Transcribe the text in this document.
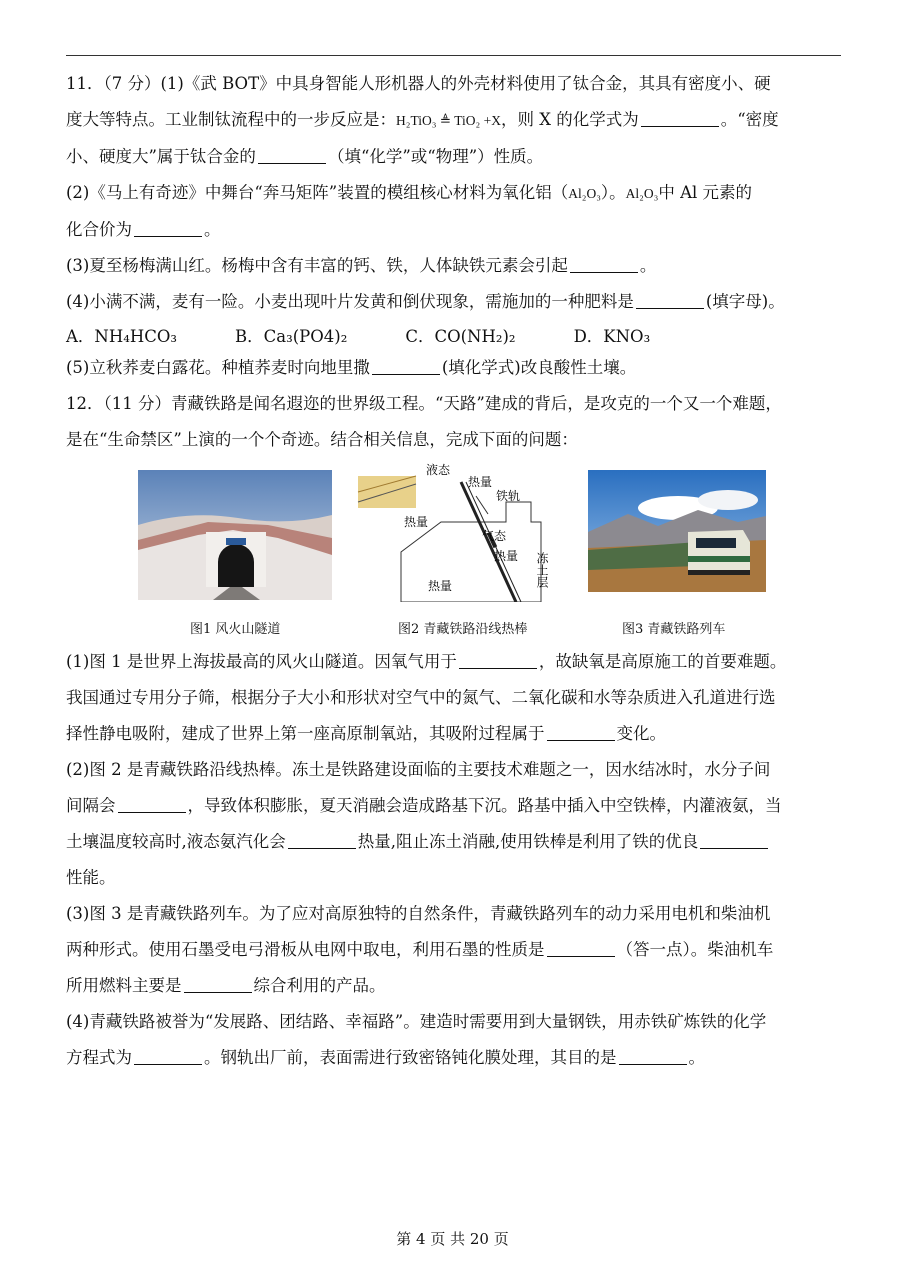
11．（7 分）(1)《武 BOT》中具身智能人形机器人的外壳材料使用了钛合金，其具有密度小、硬

度大等特点。工业制钛流程中的一步反应是：H₂TiO₃ ≜ TiO₂ +X，则 X 的化学式为	。“密度

小、硬度大”属于钛合金的	（填“化学”或“物理”）性质。

(2)《马上有奇迹》中舞台“奔马矩阵”装置的模组核心材料为氧化铝（Al₂O₃）。Al₂O₃中 Al 元素的

化合价为	。

(3)夏至杨梅满山红。杨梅中含有丰富的钙、铁，人体缺铁元素会引起	。

(4)小满不满，麦有一险。小麦出现叶片发黄和倒伏现象，需施加的一种肥料是	(填字母)。

A．NH₄HCO₃	B．Ca₃(PO4)₂	C．CO(NH₂)₂	D．KNO₃

(5)立秋荞麦白露花。种植荞麦时向地里撒	(填化学式)改良酸性土壤。

12．（11 分）青藏铁路是闻名遐迩的世界级工程。“天路”建成的背后，是攻克的一个又一个难题，

是在“生命禁区”上演的一个个奇迹。结合相关信息，完成下面的问题：

液态
热量
铁轨
热量
气态
热量
热量	冻土层
图1 风火山隧道	图2 青藏铁路沿线热棒	图3 青藏铁路列车

(1)图 1 是世界上海拔最高的风火山隧道。因氧气用于	，故缺氧是高原施工的首要难题。

我国通过专用分子筛，根据分子大小和形状对空气中的氮气、二氧化碳和水等杂质进入孔道进行选

择性静电吸附，建成了世界上第一座高原制氧站，其吸附过程属于	变化。

(2)图 2 是青藏铁路沿线热棒。冻土是铁路建设面临的主要技术难题之一，因水结冰时，水分子间

间隔会	，导致体积膨胀，夏天消融会造成路基下沉。路基中插入中空铁棒，内灌液氨，当

土壤温度较高时,液态氨汽化会	热量,阻止冻土消融,使用铁棒是利用了铁的优良

性能。

(3)图 3 是青藏铁路列车。为了应对高原独特的自然条件，青藏铁路列车的动力采用电机和柴油机

两种形式。使用石墨受电弓滑板从电网中取电，利用石墨的性质是	（答一点）。柴油机车

所用燃料主要是	综合利用的产品。

(4)青藏铁路被誉为“发展路、团结路、幸福路”。建造时需要用到大量钢铁，用赤铁矿炼铁的化学

方程式为	。钢轨出厂前，表面需进行致密铬钝化膜处理，其目的是	。

第 4 页 共 20 页
